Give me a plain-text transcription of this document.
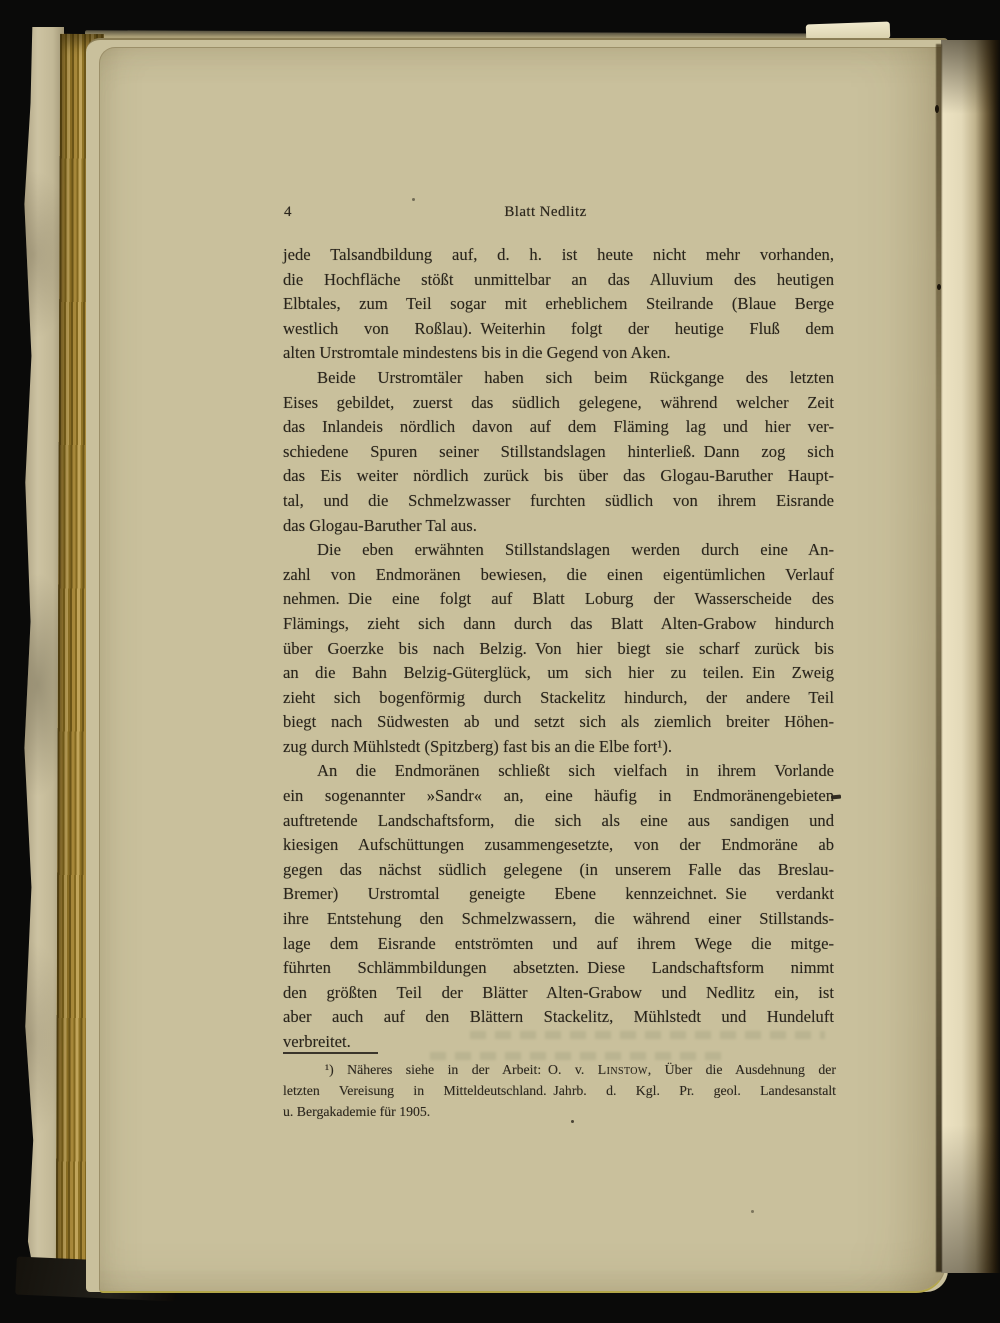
4	Blatt Nedlitz
jede Talsandbildung auf, d. h. ist heute nicht mehr vorhanden,
die Hochfläche stößt unmittelbar an das Alluvium des heutigen
Elbtales, zum Teil sogar mit erheblichem Steilrande (Blaue Berge
westlich von Roßlau). Weiterhin folgt der heutige Fluß dem
alten Urstromtale mindestens bis in die Gegend von Aken.
Beide Urstromtäler haben sich beim Rückgange des letzten
Eises gebildet, zuerst das südlich gelegene, während welcher Zeit
das Inlandeis nördlich davon auf dem Fläming lag und hier ver-
schiedene Spuren seiner Stillstandslagen hinterließ. Dann zog sich
das Eis weiter nördlich zurück bis über das Glogau-Baruther Haupt-
tal, und die Schmelzwasser furchten südlich von ihrem Eisrande
das Glogau-Baruther Tal aus.
Die eben erwähnten Stillstandslagen werden durch eine An-
zahl von Endmoränen bewiesen, die einen eigentümlichen Verlauf
nehmen. Die eine folgt auf Blatt Loburg der Wasserscheide des
Flämings, zieht sich dann durch das Blatt Alten-Grabow hindurch
über Goerzke bis nach Belzig. Von hier biegt sie scharf zurück bis
an die Bahn Belzig-Güterglück, um sich hier zu teilen. Ein Zweig
zieht sich bogenförmig durch Stackelitz hindurch, der andere Teil
biegt nach Südwesten ab und setzt sich als ziemlich breiter Höhen-
zug durch Mühlstedt (Spitzberg) fast bis an die Elbe fort¹).
An die Endmoränen schließt sich vielfach in ihrem Vorlande
ein sogenannter »Sandr« an, eine häufig in Endmoränengebieten
auftretende Landschaftsform, die sich als eine aus sandigen und
kiesigen Aufschüttungen zusammengesetzte, von der Endmoräne ab
gegen das nächst südlich gelegene (in unserem Falle das Breslau-
Bremer) Urstromtal geneigte Ebene kennzeichnet. Sie verdankt
ihre Entstehung den Schmelzwassern, die während einer Stillstands-
lage dem Eisrande entströmten und auf ihrem Wege die mitge-
führten Schlämmbildungen absetzten. Diese Landschaftsform nimmt
den größten Teil der Blätter Alten-Grabow und Nedlitz ein, ist
aber auch auf den Blättern Stackelitz, Mühlstedt und Hundeluft
verbreitet.
¹) Näheres siehe in der Arbeit: O. v. Linstow, Über die Ausdehnung der
letzten Vereisung in Mitteldeutschland. Jahrb. d. Kgl. Pr. geol. Landesanstalt
u. Bergakademie für 1905.
